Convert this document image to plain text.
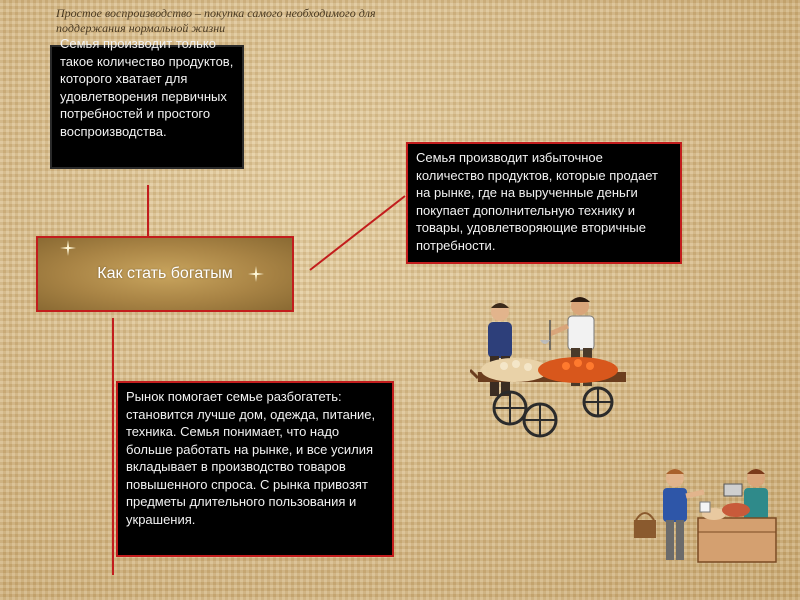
Простое воспроизводство – покупка самого необходимого для поддержания нормальной жизни
Семья производит только такое количество продуктов, которого хватает для удовлетворения первичных потребностей и простого воспроизводства.
Семья производит избыточное количество продуктов, которые продает на рынке, где на вырученные деньги покупает дополнительную технику и товары, удовлетворяющие вторичные потребности.
Как стать богатым
Рынок помогает семье разбогатеть: становится лучше дом, одежда, питание, техника. Семья понимает, что надо больше работать на рынке, и все усилия вкладывает в производство товаров повышенного спроса. С рынка привозят предметы длительного пользования и украшения.
